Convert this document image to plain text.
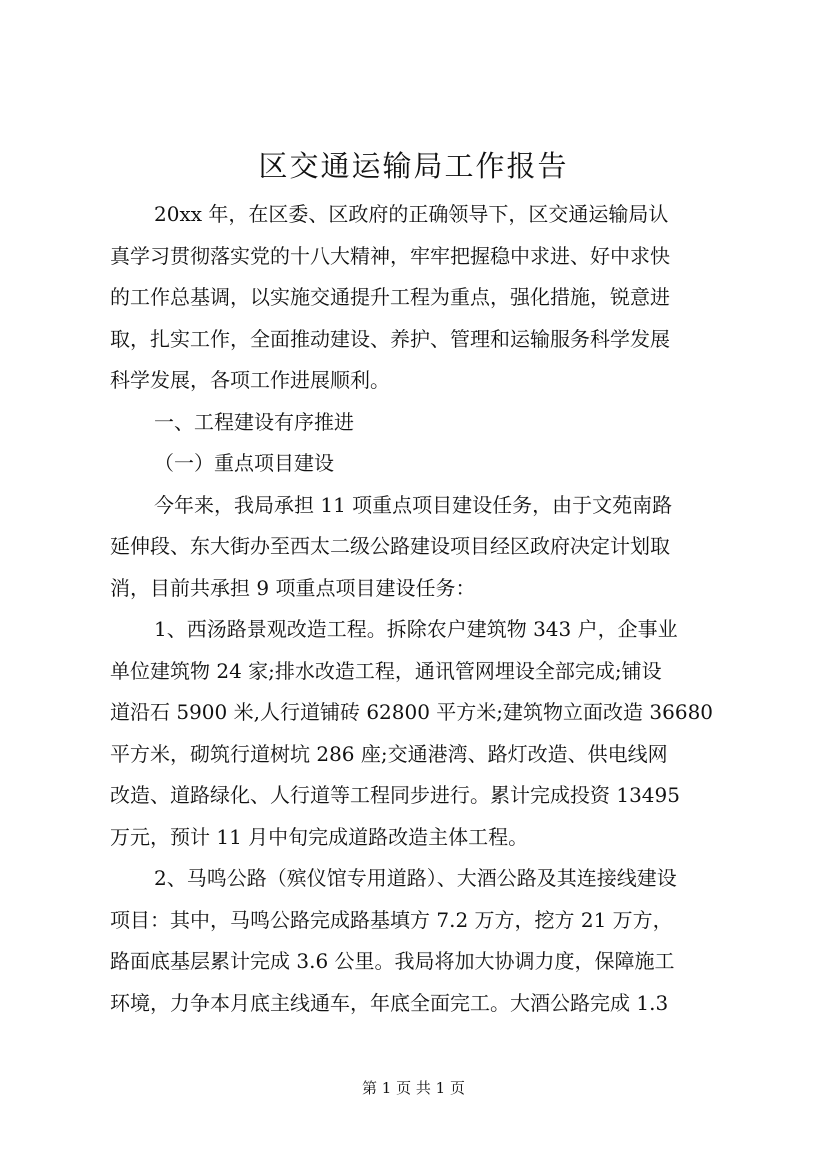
区交通运输局工作报告
20xx 年，在区委、区政府的正确领导下，区交通运输局认
真学习贯彻落实党的十八大精神，牢牢把握稳中求进、好中求快
的工作总基调，以实施交通提升工程为重点，强化措施，锐意进
取，扎实工作，全面推动建设、养护、管理和运输服务科学发展
科学发展，各项工作进展顺利。
一、工程建设有序推进
（一）重点项目建设
今年来，我局承担 11 项重点项目建设任务，由于文苑南路
延伸段、东大街办至西太二级公路建设项目经区政府决定计划取
消，目前共承担 9 项重点项目建设任务：
1、西汤路景观改造工程。拆除农户建筑物 343 户，企事业
单位建筑物 24 家;排水改造工程，通讯管网埋设全部完成;铺设
道沿石 5900 米,人行道铺砖 62800 平方米;建筑物立面改造 36680
平方米，砌筑行道树坑 286 座;交通港湾、路灯改造、供电线网
改造、道路绿化、人行道等工程同步进行。累计完成投资 13495
万元，预计 11 月中旬完成道路改造主体工程。
2、马鸣公路（殡仪馆专用道路）、大酒公路及其连接线建设
项目：其中，马鸣公路完成路基填方 7.2 万方，挖方 21 万方，
路面底基层累计完成 3.6 公里。我局将加大协调力度，保障施工
环境，力争本月底主线通车，年底全面完工。大酒公路完成 1.3
第 1 页 共 1 页
